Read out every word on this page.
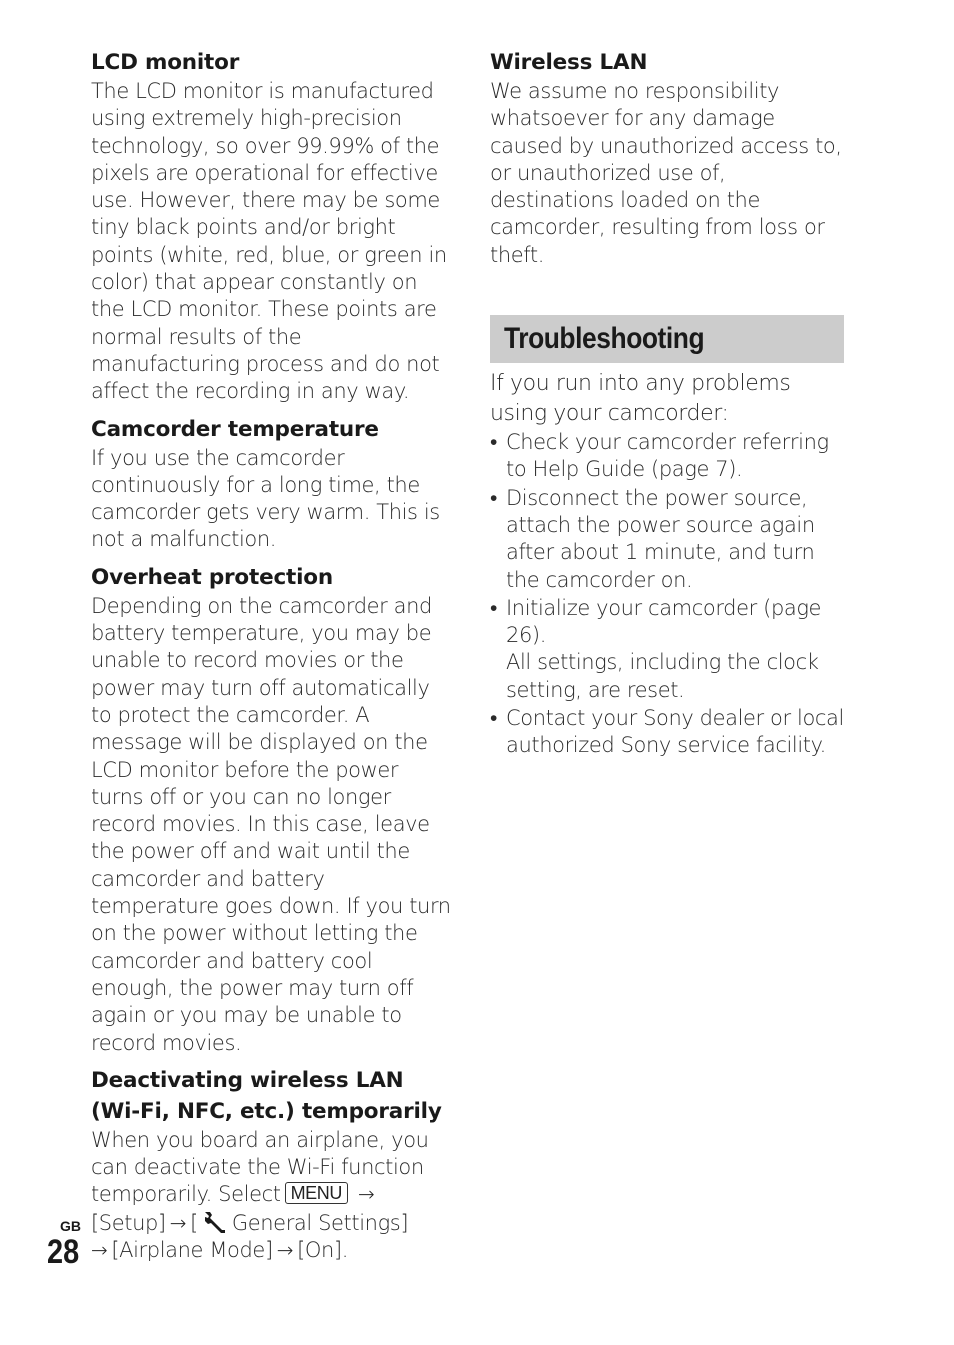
LCD monitor

The LCD monitor is manufactured using extremely high-precision technology, so over 99.99% of the pixels are operational for effective use. However, there may be some tiny black points and/or bright points (white, red, blue, or green in color) that appear constantly on the LCD monitor. These points are normal results of the manufacturing process and do not affect the recording in any way.

Camcorder temperature

If you use the camcorder continuously for a long time, the camcorder gets very warm. This is not a malfunction.

Overheat protection

Depending on the camcorder and battery temperature, you may be unable to record movies or the power may turn off automatically to protect the camcorder. A message will be displayed on the LCD monitor before the power turns off or you can no longer record movies. In this case, leave the power off and wait until the camcorder and battery temperature goes down. If you turn on the power without letting the camcorder and battery cool enough, the power may turn off again or you may be unable to record movies.

Deactivating wireless LAN (Wi-Fi, NFC, etc.) temporarily

When you board an airplane, you can deactivate the Wi-Fi function temporarily. Select MENU →
[Setup] → [ General Settings]
→ [Airplane Mode] → [On].

Wireless LAN

We assume no responsibility whatsoever for any damage caused by unauthorized access to, or unauthorized use of, destinations loaded on the camcorder, resulting from loss or theft.

Troubleshooting

If you run into any problems using your camcorder:

• Check your camcorder referring to Help Guide (page 7).
• Disconnect the power source, attach the power source again after about 1 minute, and turn the camcorder on.
• Initialize your camcorder (page 26).
All settings, including the clock setting, are reset.
• Contact your Sony dealer or local authorized Sony service facility.
GB
28
